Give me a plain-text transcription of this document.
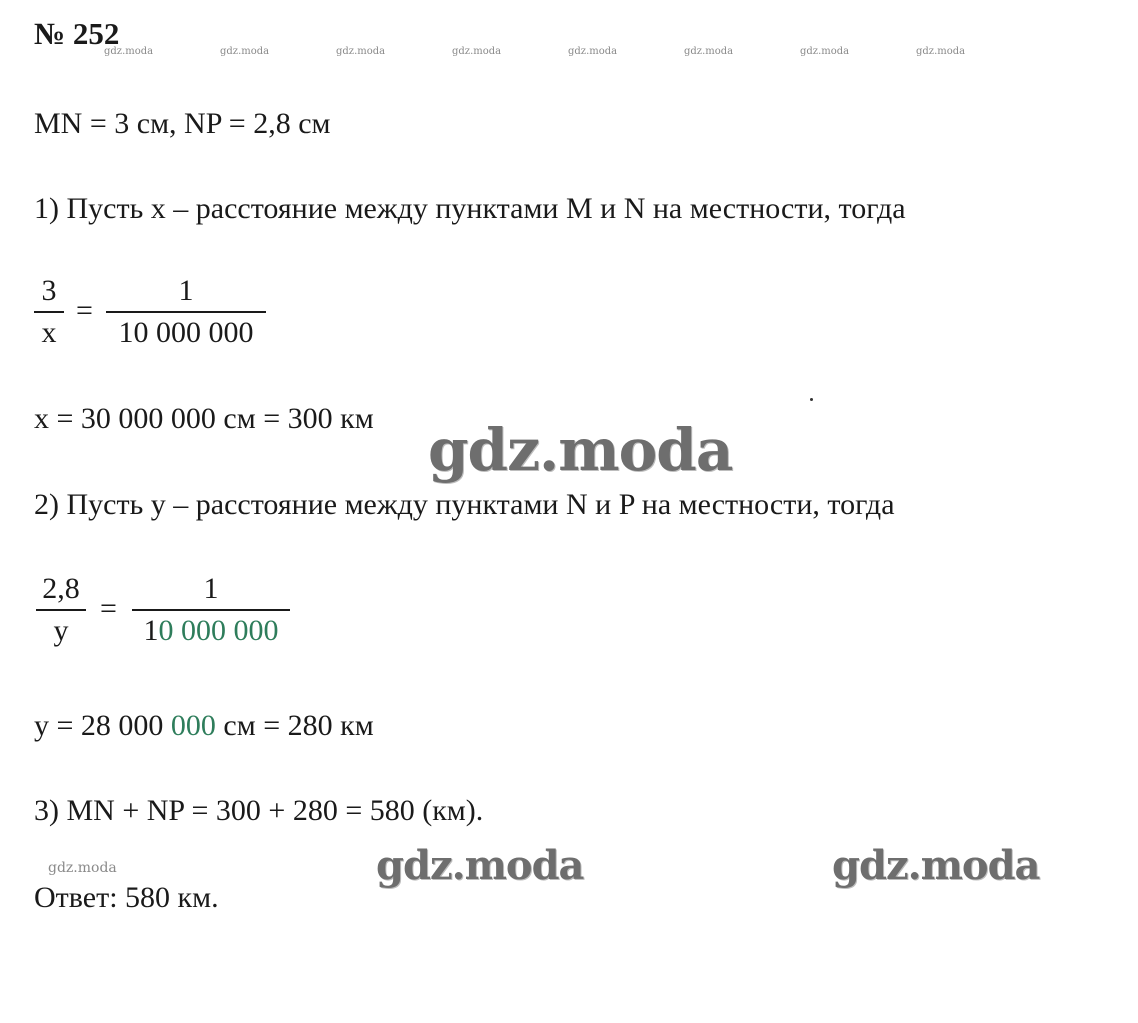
№ 252
gdz.moda	gdz.moda	gdz.moda	gdz.moda	gdz.moda	gdz.moda	gdz.moda	gdz.moda
MN = 3 см, NP = 2,8 см
1) Пусть x – расстояние между пунктами M и N на местности, тогда
3
x
=
1
10 000 000
x = 30 000 000 см = 300 км gdz.moda
2) Пусть y – расстояние между пунктами N и P на местности, тогда
2,8
y
=
1
10 000 000
y = 28 000 000 см = 280 км
3) MN + NP = 300 + 280 = 580 (км).
gdz.moda	gdz.moda	gdz.moda
Ответ: 580 км.
